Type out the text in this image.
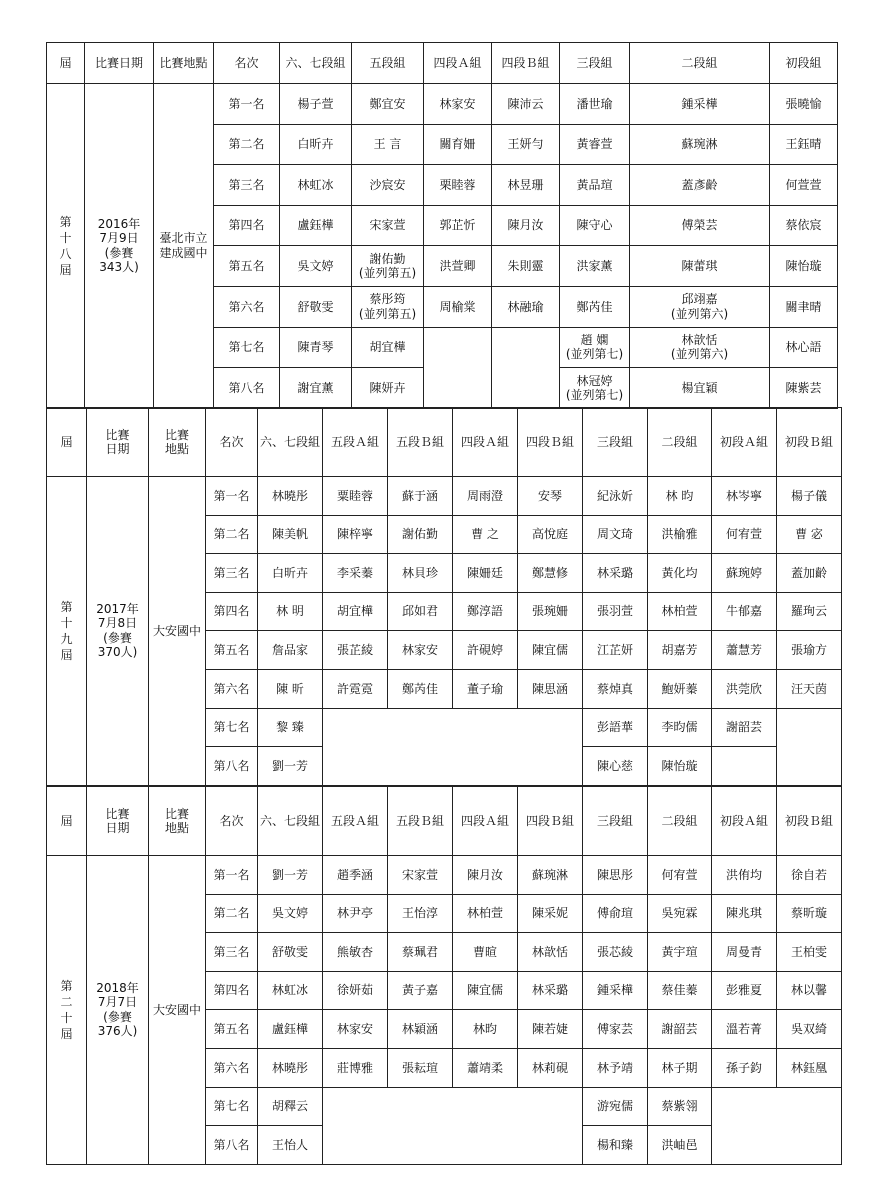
屆	比賽日期	比賽地點	名次	六、七段組	五段組	四段Ａ組	四段Ｂ組	三段組	二段組	初段組

第十八屆	2016年
7月9日
(參賽
343人)	臺北市立
建成國中	第一名	楊子萱	鄭宜安	林家安	陳沛云	潘世瑜	鍾采樺	張曉愉
			第二名	白昕卉	王 言	關育姍	王妍勻	黃睿萱	蘇琬淋	王鈺晴
			第三名	林虹冰	沙宸安	栗睦蓉	林昱珊	黃品瑄	蓋彥齡	何萱萱
			第四名	盧鈺樺	宋家萱	郭芷忻	陳月汝	陳守心	傅榮芸	蔡依宸
			第五名	吳文婷	謝佑勤
(並列第五)	洪萱卿	朱則靈	洪家薰	陳蕾琪	陳怡璇
			第六名	舒敬雯	蔡彤筠
(並列第五)	周榆棠	林融瑜	鄭芮佳	邱翊嘉
(並列第六)	關聿晴
			第七名	陳青琴	胡宜樺			趙 嫻
(並列第七)	林歆恬
(並列第六)	林心語
			第八名	謝宜薰	陳妍卉			林冠婷
(並列第七)	楊宜穎	陳紫芸
屆	比賽
日期	比賽
地點	名次	六、七段組	五段Ａ組	五段Ｂ組	四段Ａ組	四段Ｂ組	三段組	二段組	初段Ａ組	初段Ｂ組

第十九屆	2017年
7月8日
(參賽
370人)	大安國中	第一名	林曉彤	粟睦蓉	蘇于涵	周雨澄	安琴	紀泳妡	林 昀	林岑寧	楊子儀
			第二名	陳美帆	陳梓寧	謝佑勤	曹 之	高悅庭	周文琦	洪榆雅	何宥萱	曹 宓
			第三名	白昕卉	李采蓁	林貝珍	陳姍廷	鄭慧修	林采璐	黃化均	蘇琬婷	蓋加齡
			第四名	林 明	胡宜樺	邱如君	鄭淳語	張琬姍	張羽萱	林柏萱	牛郁嘉	羅珣云
			第五名	詹品家	張芷綾	林家安	許硯婷	陳宜儒	江芷妍	胡嘉芳	蕭慧芳	張瑜方
			第六名	陳 昕	許霓霓	鄭芮佳	董子瑜	陳思涵	蔡焯真	鮑妍蓁	洪莞欣	汪天茵
			第七名	黎 臻					彭語華	李昀儒	謝韶芸	
			第八名	劉一芳					陳心慈	陳怡璇		
屆	比賽
日期	比賽
地點	名次	六、七段組	五段Ａ組	五段Ｂ組	四段Ａ組	四段Ｂ組	三段組	二段組	初段Ａ組	初段Ｂ組

第二十屆	2018年
7月7日
(參賽
376人)	大安國中	第一名	劉一芳	趙季涵	宋家萱	陳月汝	蘇琬淋	陳思彤	何宥萱	洪侑均	徐自若
			第二名	吳文婷	林尹亭	王怡淳	林柏萱	陳采妮	傅俞瑄	吳宛霖	陳兆琪	蔡昕璇
			第三名	舒敬雯	熊敏杏	蔡珮君	曹暄	林歆恬	張芯綾	黃宇瑄	周曼青	王柏雯
			第四名	林虹冰	徐妍茹	黃子嘉	陳宜儒	林采璐	鍾采樺	蔡佳蓁	彭雅夏	林以馨
			第五名	盧鈺樺	林家安	林穎涵	林昀	陳若婕	傅家芸	謝韶芸	溫若菁	吳双綺
			第六名	林曉彤	莊博雅	張耘瑄	蕭靖柔	林莉硯	林予靖	林子期	孫子鈞	林鈺凰
			第七名	胡釋云					游宛儒	蔡紫翎		
			第八名	王怡人					楊和臻	洪岫邑		
